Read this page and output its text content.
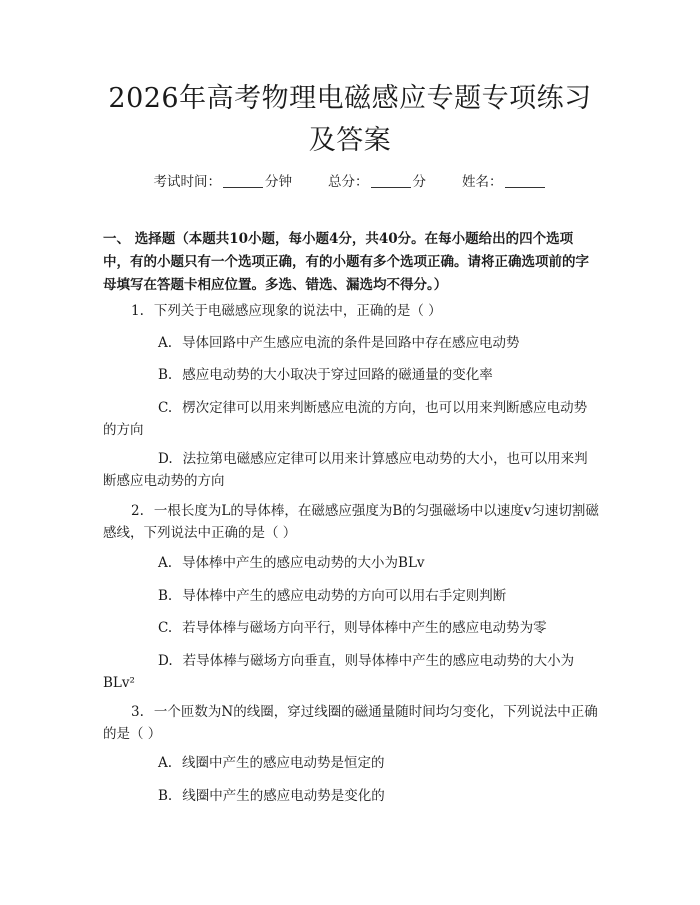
2026年高考物理电磁感应专题专项练习及答案
考试时间：	分钟	总分：	分	姓名：
一、 选择题（本题共10小题，每小题4分，共40分。在每小题给出的四个选项中，有的小题只有一个选项正确，有的小题有多个选项正确。请将正确选项前的字母填写在答题卡相应位置。多选、错选、漏选均不得分。）
1. 下列关于电磁感应现象的说法中，正确的是（ ）
A. 导体回路中产生感应电流的条件是回路中存在感应电动势
B. 感应电动势的大小取决于穿过回路的磁通量的变化率
C. 楞次定律可以用来判断感应电流的方向，也可以用来判断感应电动势的方向
D. 法拉第电磁感应定律可以用来计算感应电动势的大小，也可以用来判断感应电动势的方向
2. 一根长度为L的导体棒，在磁感应强度为B的匀强磁场中以速度v匀速切割磁感线，下列说法中正确的是（ ）
A. 导体棒中产生的感应电动势的大小为BLv
B. 导体棒中产生的感应电动势的方向可以用右手定则判断
C. 若导体棒与磁场方向平行，则导体棒中产生的感应电动势为零
D. 若导体棒与磁场方向垂直，则导体棒中产生的感应电动势的大小为BLv²
3. 一个匝数为N的线圈，穿过线圈的磁通量随时间均匀变化，下列说法中正确的是（ ）
A. 线圈中产生的感应电动势是恒定的
B. 线圈中产生的感应电动势是变化的
